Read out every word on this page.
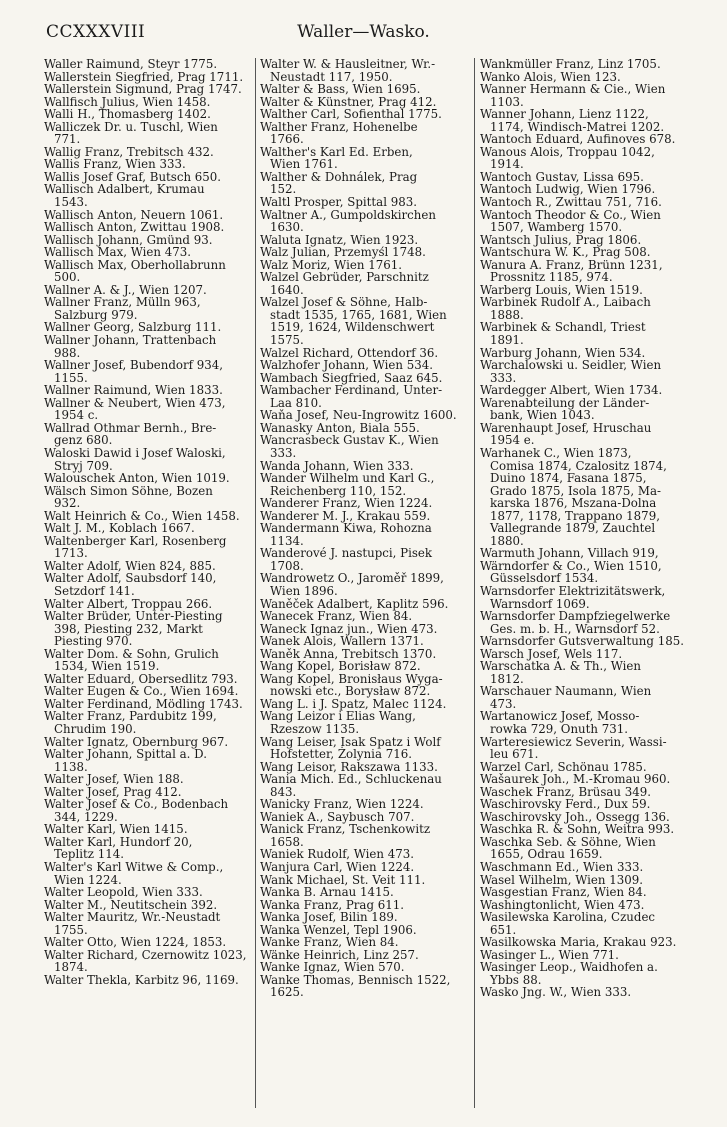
CCXXXVIII	Waller—Wasko.
Waller Raimund, Steyr 1775.
Wallerstein Siegfried, Prag 1711.
Wallerstein Sigmund, Prag 1747.
Wallfisch Julius, Wien 1458.
Walli H., Thomasberg 1402.
Walliczek Dr. u. Tuschl, Wien
771.
Wallig Franz, Trebitsch 432.
Wallis Franz, Wien 333.
Wallis Josef Graf, Butsch 650.
Wallisch Adalbert, Krumau
1543.
Wallisch Anton, Neuern 1061.
Wallisch Anton, Zwittau 1908.
Wallisch Johann, Gmünd 93.
Wallisch Max, Wien 473.
Wallisch Max, Oberhollabrunn
500.
Wallner A. & J., Wien 1207.
Wallner Franz, Mülln 963,
Salzburg 979.
Wallner Georg, Salzburg 111.
Wallner Johann, Trattenbach
988.
Wallner Josef, Bubendorf 934,
1155.
Wallner Raimund, Wien 1833.
Wallner & Neubert, Wien 473,
1954 c.
Wallrad Othmar Bernh., Bre-
genz 680.
Waloski Dawid i Josef Waloski,
Stryj 709.
Walouschek Anton, Wien 1019.
Wälsch Simon Söhne, Bozen
932.
Walt Heinrich & Co., Wien 1458.
Walt J. M., Koblach 1667.
Waltenberger Karl, Rosenberg
1713.
Walter Adolf, Wien 824, 885.
Walter Adolf, Saubsdorf 140,
Setzdorf 141.
Walter Albert, Troppau 266.
Walter Brüder, Unter-Piesting
398, Piesting 232, Markt
Piesting 970.
Walter Dom. & Sohn, Grulich
1534, Wien 1519.
Walter Eduard, Obersedlitz 793.
Walter Eugen & Co., Wien 1694.
Walter Ferdinand, Mödling 1743.
Walter Franz, Pardubitz 199,
Chrudim 190.
Walter Ignatz, Obernburg 967.
Walter Johann, Spittal a. D.
1138.
Walter Josef, Wien 188.
Walter Josef, Prag 412.
Walter Josef & Co., Bodenbach
344, 1229.
Walter Karl, Wien 1415.
Walter Karl, Hundorf 20,
Teplitz 114.
Walter's Karl Witwe & Comp.,
Wien 1224.
Walter Leopold, Wien 333.
Walter M., Neutitschein 392.
Walter Mauritz, Wr.-Neustadt
1755.
Walter Otto, Wien 1224, 1853.
Walter Richard, Czernowitz 1023,
1874.
Walter Thekla, Karbitz 96, 1169.
Walter W. & Hausleitner, Wr.-
Neustadt 117, 1950.
Walter & Bass, Wien 1695.
Walter & Künstner, Prag 412.
Walther Carl, Sofienthal 1775.
Walther Franz, Hohenelbe
1766.
Walther's Karl Ed. Erben,
Wien 1761.
Walther & Dohnálek, Prag
152.
Waltl Prosper, Spittal 983.
Waltner A., Gumpoldskirchen
1630.
Waluta Ignatz, Wien 1923.
Walz Julian, Przemyśl 1748.
Walz Moriz, Wien 1761.
Walzel Gebrüder, Parschnitz
1640.
Walzel Josef & Söhne, Halb-
stadt 1535, 1765, 1681, Wien
1519, 1624, Wildenschwert
1575.
Walzel Richard, Ottendorf 36.
Walzhofer Johann, Wien 534.
Wambach Siegfried, Saaz 645.
Wambacher Ferdinand, Unter-
Laa 810.
Waňa Josef, Neu-Ingrowitz 1600.
Wanasky Anton, Biala 555.
Wancrasbeck Gustav K., Wien
333.
Wanda Johann, Wien 333.
Wander Wilhelm und Karl G.,
Reichenberg 110, 152.
Wanderer Franz, Wien 1224.
Wanderer M. J., Krakau 559.
Wandermann Kiwa, Rohozna
1134.
Wanderové J. nastupci, Pisek
1708.
Wandrowetz O., Jaroměř 1899,
Wien 1896.
Waněček Adalbert, Kaplitz 596.
Wanecek Franz, Wien 84.
Waneck Ignaz jun., Wien 473.
Wanek Alois, Wallern 1371.
Waněk Anna, Trebitsch 1370.
Wang Kopel, Borisław 872.
Wang Kopel, Bronisłaus Wyga-
nowski etc., Borysław 872.
Wang L. i J. Spatz, Malec 1124.
Wang Leizor i Elias Wang,
Rzeszow 1135.
Wang Leiser, Isak Spatz i Wolf
Hofstetter, Żolynia 716.
Wang Leisor, Rakszawa 1133.
Wania Mich. Ed., Schluckenau
843.
Wanicky Franz, Wien 1224.
Waniek A., Saybusch 707.
Wanick Franz, Tschenkowitz
1658.
Waniek Rudolf, Wien 473.
Wanjura Carl, Wien 1224.
Wank Michael, St. Veit 111.
Wanka B. Arnau 1415.
Wanka Franz, Prag 611.
Wanka Josef, Bilin 189.
Wanka Wenzel, Tepl 1906.
Wanke Franz, Wien 84.
Wänke Heinrich, Linz 257.
Wanke Ignaz, Wien 570.
Wanke Thomas, Bennisch 1522,
1625.
Wankmüller Franz, Linz 1705.
Wanko Alois, Wien 123.
Wanner Hermann & Cie., Wien
1103.
Wanner Johann, Lienz 1122,
1174, Windisch-Matrei 1202.
Wantoch Eduard, Aufinoves 678.
Wanous Alois, Troppau 1042,
1914.
Wantoch Gustav, Lissa 695.
Wantoch Ludwig, Wien 1796.
Wantoch R., Zwittau 751, 716.
Wantoch Theodor & Co., Wien
1507, Wamberg 1570.
Wantsch Julius, Prag 1806.
Wantschura W. K., Prag 508.
Wanura A. Franz, Brünn 1231,
Prossnitz 1185, 974.
Warberg Louis, Wien 1519.
Warbinek Rudolf A., Laibach
1888.
Warbinek & Schandl, Triest
1891.
Warburg Johann, Wien 534.
Warchalowski u. Seidler, Wien
333.
Wardegger Albert, Wien 1734.
Warenabteilung der Länder-
bank, Wien 1043.
Warenhaupt Josef, Hruschau
1954 e.
Warhanek C., Wien 1873,
Comisa 1874, Czalositz 1874,
Duino 1874, Fasana 1875,
Grado 1875, Isola 1875, Ma-
karska 1876, Mszana-Dolna
1877, 1178, Trappano 1879,
Vallegrande 1879, Zauchtel
1880.
Warmuth Johann, Villach 919,
Wärndorfer & Co., Wien 1510,
Güsselsdorf 1534.
Warnsdorfer Elektrizitätswerk,
Warnsdorf 1069.
Warnsdorfer Dampfziegelwerke
Ges. m. b. H., Warnsdorf 52.
Warnsdorfer Gutsverwaltung 185.
Warsch Josef, Wels 117.
Warschatka A. & Th., Wien
1812.
Warschauer Naumann, Wien
473.
Wartanowicz Josef, Mosso-
rowka 729, Onuth 731.
Warteresiewicz Severin, Wassi-
leu 671.
Warzel Carl, Schönau 1785.
Wašaurek Joh., M.-Kromau 960.
Waschek Franz, Brüsau 349.
Waschirovsky Ferd., Dux 59.
Waschirovsky Joh., Ossegg 136.
Waschka R. & Sohn, Weitra 993.
Waschka Seb. & Söhne, Wien
1655, Odrau 1659.
Waschmann Ed., Wien 333.
Wasel Wilhelm, Wien 1309.
Wasgestian Franz, Wien 84.
Washingtonlicht, Wien 473.
Wasilewska Karolina, Czudec
651.
Wasilkowska Maria, Krakau 923.
Wasinger L., Wien 771.
Wasinger Leop., Waidhofen a.
Ybbs 88.
Wasko Jng. W., Wien 333.
